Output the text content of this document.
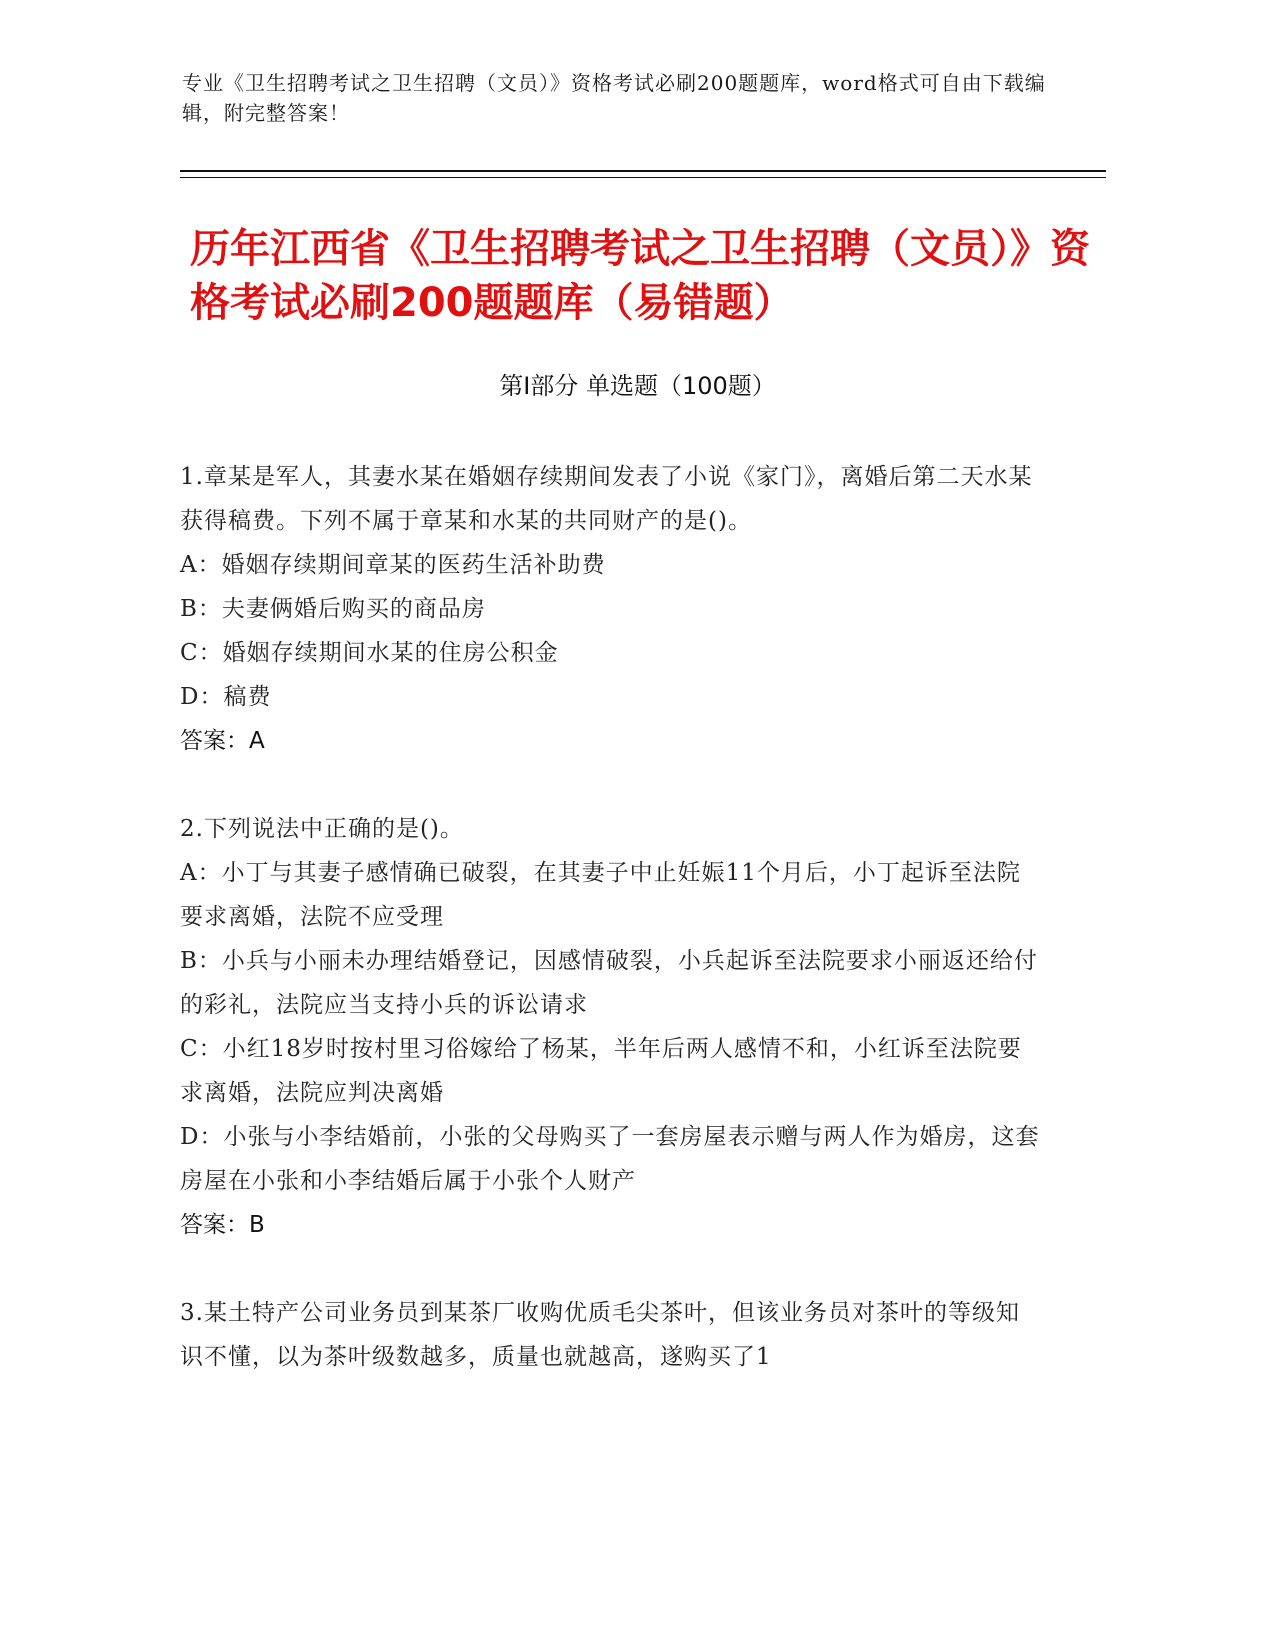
专业《卫生招聘考试之卫生招聘（文员）》资格考试必刷200题题库，word格式可自由下载编辑，附完整答案！
历年江西省《卫生招聘考试之卫生招聘（文员）》资格考试必刷200题题库（易错题）
第Ⅰ部分 单选题（100题）
1.章某是军人，其妻水某在婚姻存续期间发表了小说《家门》，离婚后第二天水某获得稿费。下列不属于章某和水某的共同财产的是()。
A：婚姻存续期间章某的医药生活补助费
B：夫妻俩婚后购买的商品房
C：婚姻存续期间水某的住房公积金
D：稿费
答案：A
2.下列说法中正确的是()。
A：小丁与其妻子感情确已破裂，在其妻子中止妊娠11个月后，小丁起诉至法院要求离婚，法院不应受理
B：小兵与小丽未办理结婚登记，因感情破裂，小兵起诉至法院要求小丽返还给付的彩礼，法院应当支持小兵的诉讼请求
C：小红18岁时按村里习俗嫁给了杨某，半年后两人感情不和，小红诉至法院要求离婚，法院应判决离婚
D：小张与小李结婚前，小张的父母购买了一套房屋表示赠与两人作为婚房，这套房屋在小张和小李结婚后属于小张个人财产
答案：B
3.某土特产公司业务员到某茶厂收购优质毛尖茶叶，但该业务员对茶叶的等级知识不懂，以为茶叶级数越多，质量也就越高，遂购买了1
